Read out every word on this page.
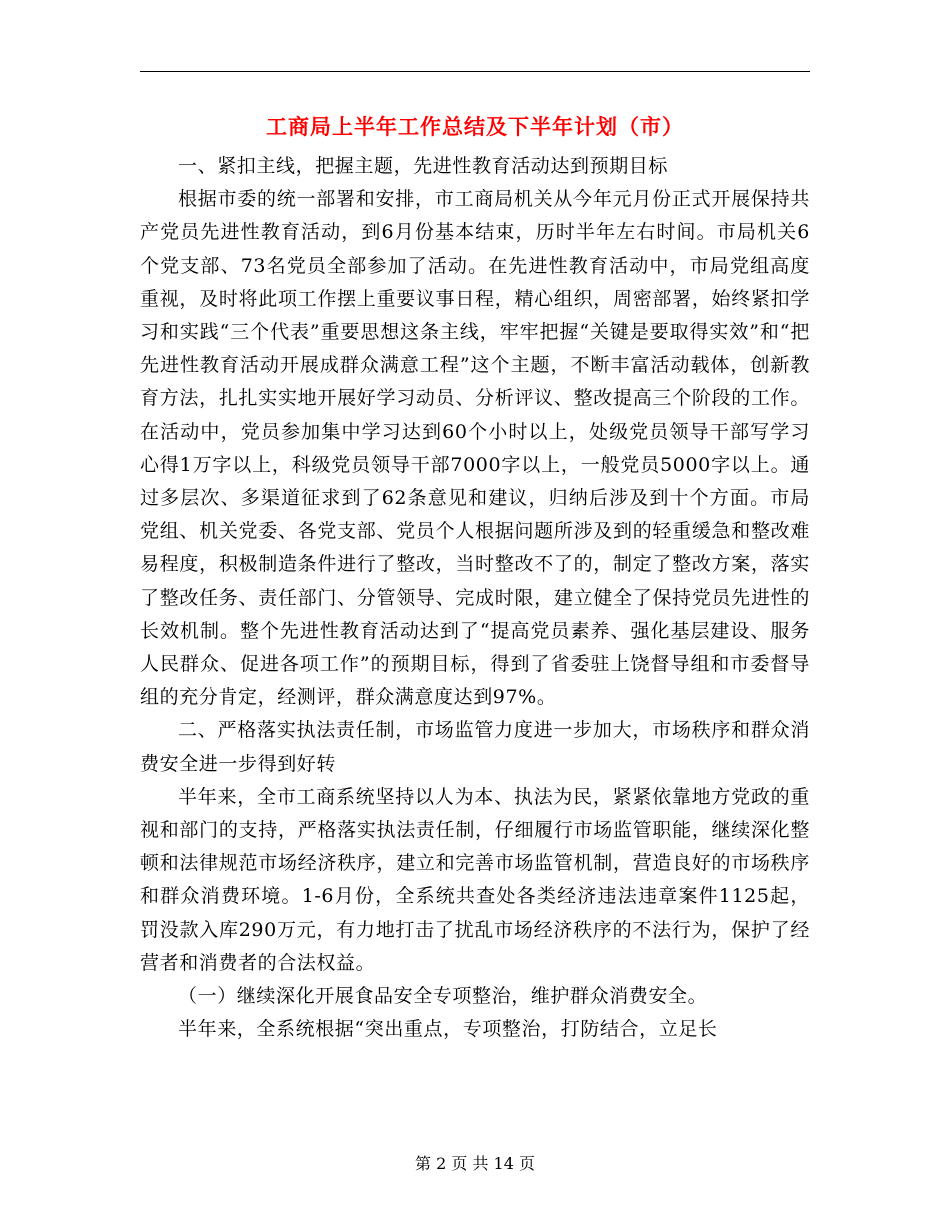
工商局上半年工作总结及下半年计划（市）

一、紧扣主线，把握主题，先进性教育活动达到预期目标

根据市委的统一部署和安排，市工商局机关从今年元月份正式开展保持共产党员先进性教育活动，到6月份基本结束，历时半年左右时间。市局机关6个党支部、73名党员全部参加了活动。在先进性教育活动中，市局党组高度重视，及时将此项工作摆上重要议事日程，精心组织，周密部署，始终紧扣学习和实践“三个代表”重要思想这条主线，牢牢把握“关键是要取得实效”和“把先进性教育活动开展成群众满意工程”这个主题，不断丰富活动载体，创新教育方法，扎扎实实地开展好学习动员、分析评议、整改提高三个阶段的工作。在活动中，党员参加集中学习达到60个小时以上，处级党员领导干部写学习心得1万字以上，科级党员领导干部7000字以上，一般党员5000字以上。通过多层次、多渠道征求到了62条意见和建议，归纳后涉及到十个方面。市局党组、机关党委、各党支部、党员个人根据问题所涉及到的轻重缓急和整改难易程度，积极制造条件进行了整改，当时整改不了的，制定了整改方案，落实了整改任务、责任部门、分管领导、完成时限，建立健全了保持党员先进性的长效机制。整个先进性教育活动达到了“提高党员素养、强化基层建设、服务人民群众、促进各项工作”的预期目标，得到了省委驻上饶督导组和市委督导组的充分肯定，经测评，群众满意度达到97%。

二、严格落实执法责任制，市场监管力度进一步加大，市场秩序和群众消费安全进一步得到好转

半年来，全市工商系统坚持以人为本、执法为民，紧紧依靠地方党政的重视和部门的支持，严格落实执法责任制，仔细履行市场监管职能，继续深化整顿和法律规范市场经济秩序，建立和完善市场监管机制，营造良好的市场秩序和群众消费环境。1-6月份，全系统共查处各类经济违法违章案件1125起，罚没款入库290万元，有力地打击了扰乱市场经济秩序的不法行为，保护了经营者和消费者的合法权益。

（一）继续深化开展食品安全专项整治，维护群众消费安全。

半年来，全系统根据“突出重点，专项整治，打防结合，立足长

第 2 页 共 14 页
